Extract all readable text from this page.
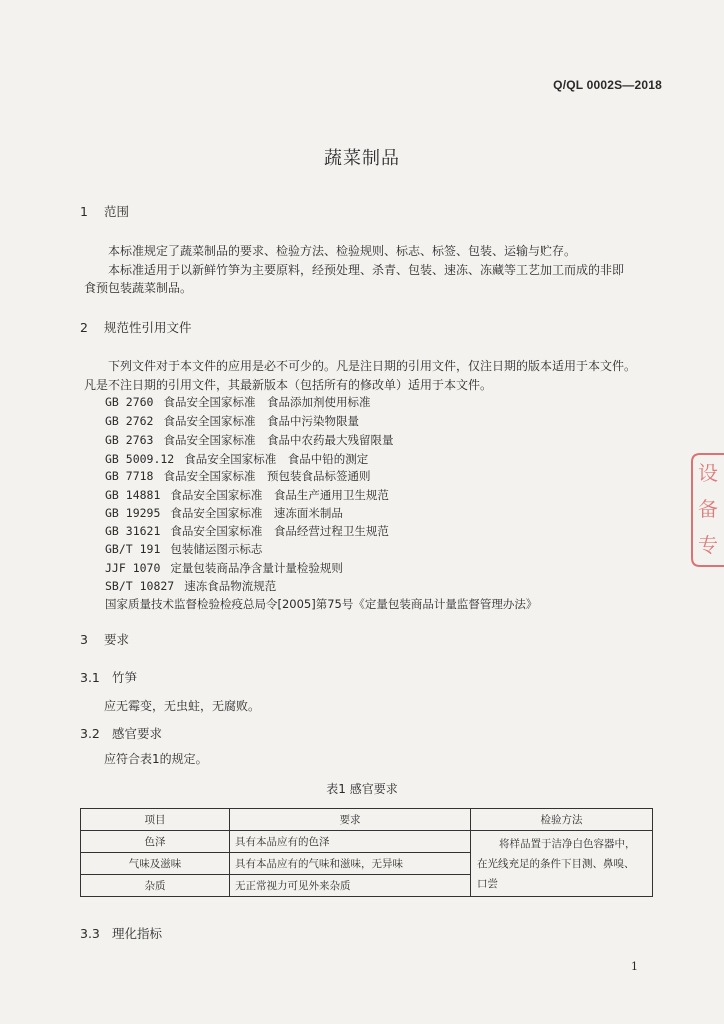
Q/QL 0002S—2018
蔬菜制品
1 范围
本标准规定了蔬菜制品的要求、检验方法、检验规则、标志、标签、包装、运输与贮存。
本标准适用于以新鲜竹笋为主要原料，经预处理、杀青、包装、速冻、冻藏等工艺加工而成的非即
食预包装蔬菜制品。
2 规范性引用文件
下列文件对于本文件的应用是必不可少的。凡是注日期的引用文件，仅注日期的版本适用于本文件。
凡是不注日期的引用文件，其最新版本（包括所有的修改单）适用于本文件。
GB 2760 食品安全国家标准　食品添加剂使用标准
GB 2762 食品安全国家标准　食品中污染物限量
GB 2763 食品安全国家标准　食品中农药最大残留限量
GB 5009.12 食品安全国家标准　食品中铅的测定
GB 7718 食品安全国家标准　预包装食品标签通则
GB 14881 食品安全国家标准　食品生产通用卫生规范
GB 19295 食品安全国家标准　速冻面米制品
GB 31621 食品安全国家标准　食品经营过程卫生规范
GB/T 191 包装储运图示标志
JJF 1070 定量包装商品净含量计量检验规则
SB/T 10827 速冻食品物流规范
国家质量技术监督检验检疫总局令[2005]第75号《定量包装商品计量监督管理办法》
3 要求
3.1 竹笋
应无霉变，无虫蛀，无腐败。
3.2 感官要求
应符合表1的规定。
表1 感官要求
项目	要求	检验方法
色泽	具有本品应有的色泽	将样品置于洁净白色容器中，
在光线充足的条件下目测、鼻嗅、
口尝

气味及滋味	具有本品应有的气味和滋味，无异味	
杂质	无正常视力可见外来杂质	
3.3 理化指标
1
设
备
专
